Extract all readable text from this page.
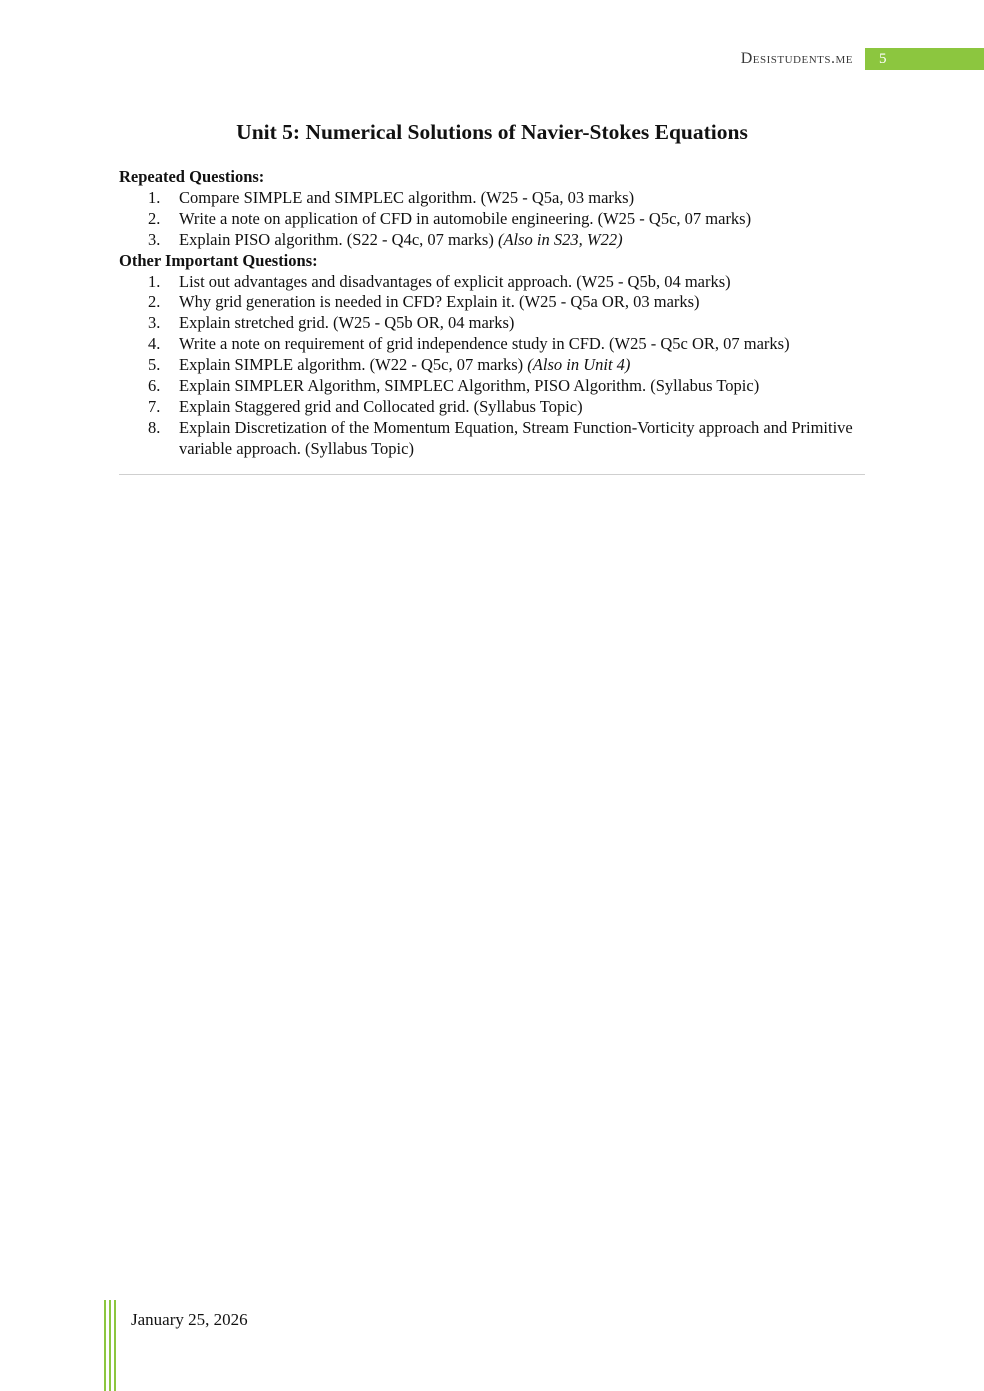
Desistudents.me	5
Unit 5: Numerical Solutions of Navier-Stokes Equations
Repeated Questions:
1. Compare SIMPLE and SIMPLEC algorithm. (W25 - Q5a, 03 marks)
2. Write a note on application of CFD in automobile engineering. (W25 - Q5c, 07 marks)
3. Explain PISO algorithm. (S22 - Q4c, 07 marks) (Also in S23, W22)
Other Important Questions:
1. List out advantages and disadvantages of explicit approach. (W25 - Q5b, 04 marks)
2. Why grid generation is needed in CFD? Explain it. (W25 - Q5a OR, 03 marks)
3. Explain stretched grid. (W25 - Q5b OR, 04 marks)
4. Write a note on requirement of grid independence study in CFD. (W25 - Q5c OR, 07 marks)
5. Explain SIMPLE algorithm. (W22 - Q5c, 07 marks) (Also in Unit 4)
6. Explain SIMPLER Algorithm, SIMPLEC Algorithm, PISO Algorithm. (Syllabus Topic)
7. Explain Staggered grid and Collocated grid. (Syllabus Topic)
8. Explain Discretization of the Momentum Equation, Stream Function-Vorticity approach and Primitive variable approach. (Syllabus Topic)
January 25, 2026
